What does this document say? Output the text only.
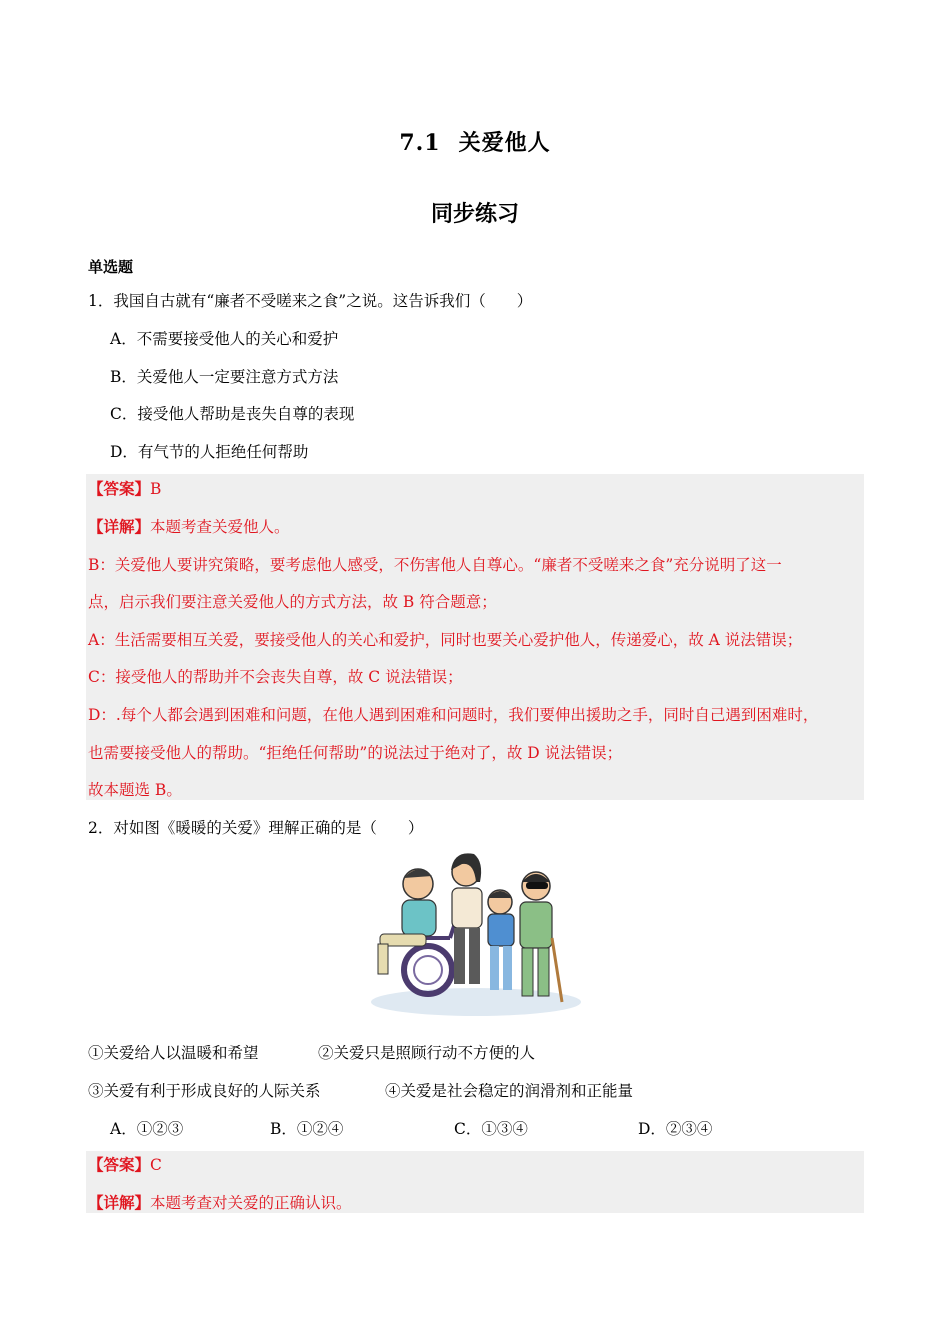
7.1 关爱他人
同步练习
单选题
1．我国自古就有“廉者不受嗟来之食”之说。这告诉我们（　　）
A．不需要接受他人的关心和爱护
B．关爱他人一定要注意方式方法
C．接受他人帮助是丧失自尊的表现
D．有气节的人拒绝任何帮助
【答案】B
【详解】本题考查关爱他人。
B：关爱他人要讲究策略，要考虑他人感受，不伤害他人自尊心。“廉者不受嗟来之食”充分说明了这一
点，启示我们要注意关爱他人的方式方法，故 B 符合题意；
A：生活需要相互关爱，要接受他人的关心和爱护，同时也要关心爱护他人，传递爱心，故 A 说法错误；
C：接受他人的帮助并不会丧失自尊，故 C 说法错误；
D：.每个人都会遇到困难和问题，在他人遇到困难和问题时，我们要伸出援助之手，同时自己遇到困难时，
也需要接受他人的帮助。“拒绝任何帮助”的说法过于绝对了，故 D 说法错误；
故本题选 B。
2．对如图《暖暖的关爱》理解正确的是（　　）
①关爱给人以温暖和希望	②关爱只是照顾行动不方便的人
③关爱有利于形成良好的人际关系	④关爱是社会稳定的润滑剂和正能量
A．①②③	B．①②④	C．①③④	D．②③④
【答案】C
【详解】本题考查对关爱的正确认识。
